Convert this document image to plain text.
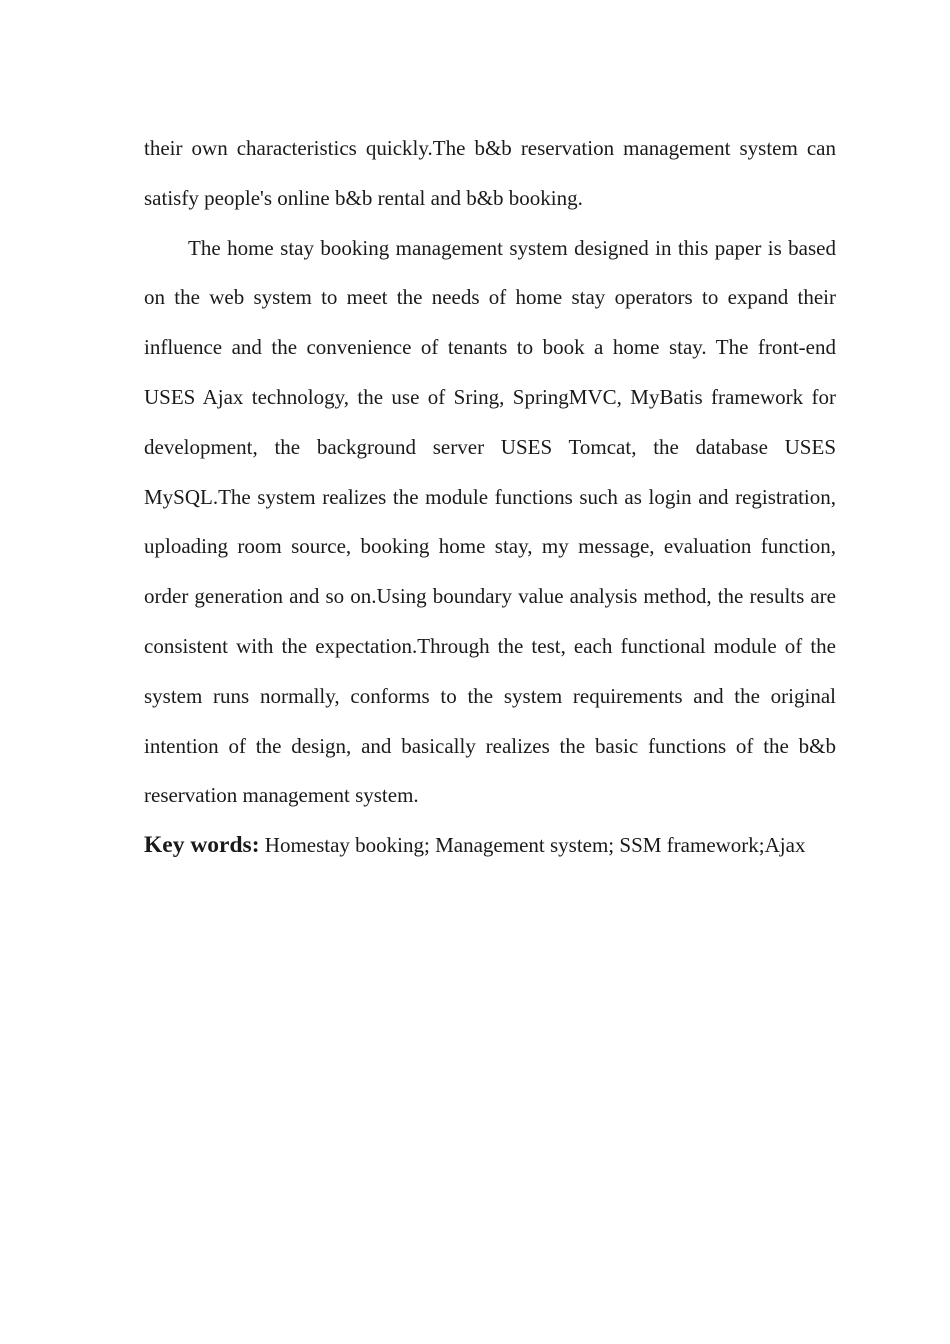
their own characteristics quickly.The b&b reservation management system can satisfy people's online b&b rental and b&b booking.

The home stay booking management system designed in this paper is based on the web system to meet the needs of home stay operators to expand their influence and the convenience of tenants to book a home stay. The front-end USES Ajax technology, the use of Sring, SpringMVC, MyBatis framework for development, the background server USES Tomcat, the database USES MySQL.The system realizes the module functions such as login and registration, uploading room source, booking home stay, my message, evaluation function, order generation and so on.Using boundary value analysis method, the results are consistent with the expectation.Through the test, each functional module of the system runs normally, conforms to the system requirements and the original intention of the design, and basically realizes the basic functions of the b&b reservation management system.

Key words: Homestay booking; Management system; SSM framework;Ajax
